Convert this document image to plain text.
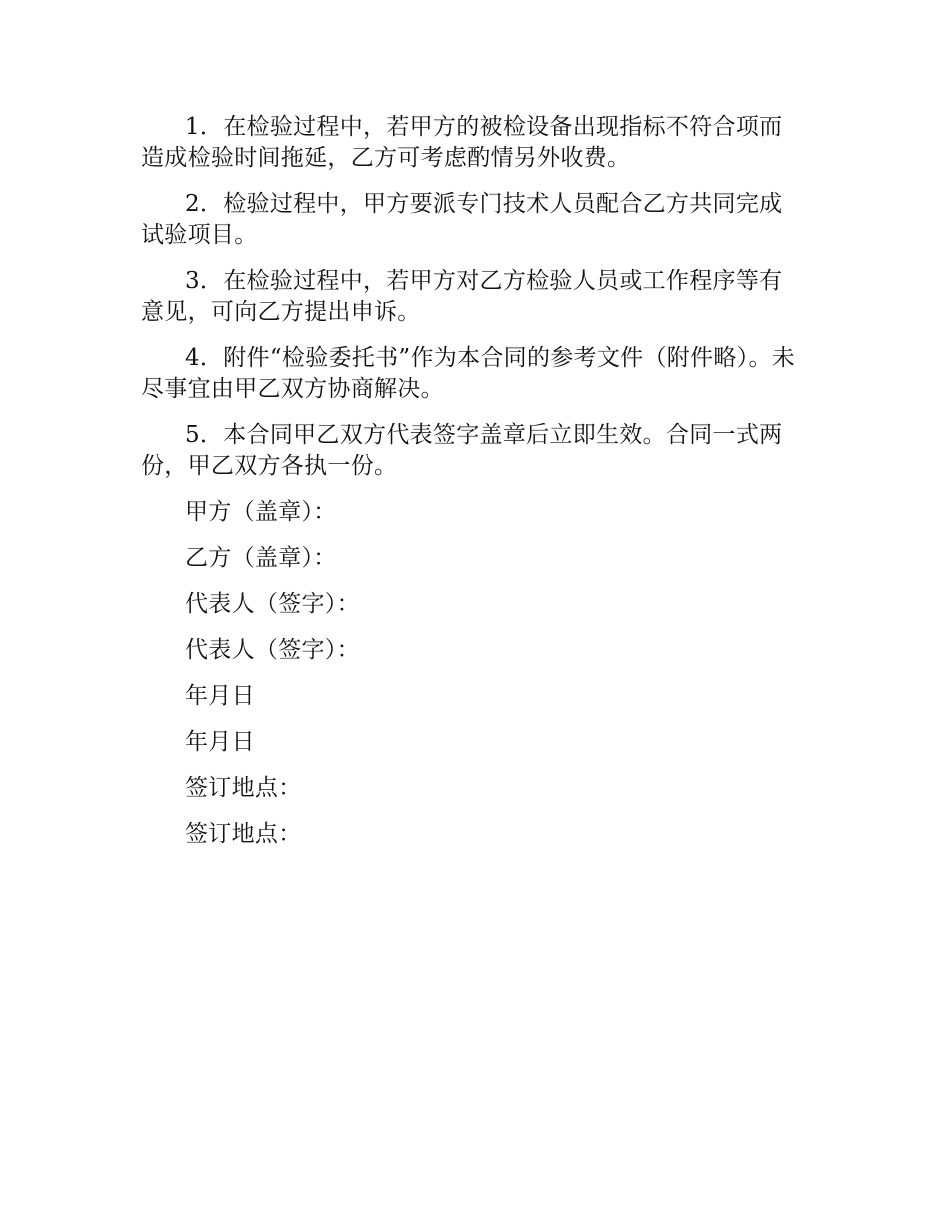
1．在检验过程中，若甲方的被检设备出现指标不符合项而造成检验时间拖延，乙方可考虑酌情另外收费。

2．检验过程中，甲方要派专门技术人员配合乙方共同完成试验项目。

3．在检验过程中，若甲方对乙方检验人员或工作程序等有意见，可向乙方提出申诉。

4．附件“检验委托书”作为本合同的参考文件（附件略）。未尽事宜由甲乙双方协商解决。

5．本合同甲乙双方代表签字盖章后立即生效。合同一式两份，甲乙双方各执一份。

甲方（盖章）：
乙方（盖章）：
代表人（签字）：
代表人（签字）：
年月日
年月日
签订地点：
签订地点：
